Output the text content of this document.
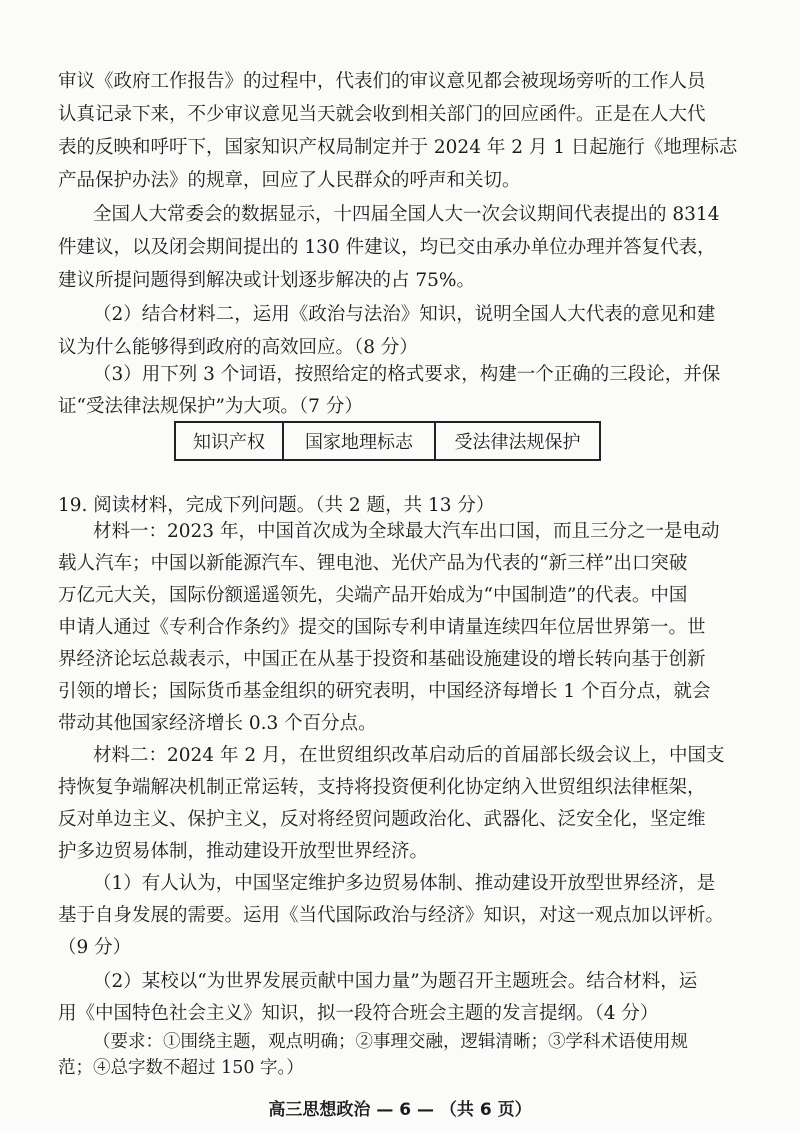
审议《政府工作报告》的过程中，代表们的审议意见都会被现场旁听的工作人员
认真记录下来，不少审议意见当天就会收到相关部门的回应函件。正是在人大代
表的反映和呼吁下，国家知识产权局制定并于 2024 年 2 月 1 日起施行《地理标志
产品保护办法》的规章，回应了人民群众的呼声和关切。
全国人大常委会的数据显示，十四届全国人大一次会议期间代表提出的 8314
件建议，以及闭会期间提出的 130 件建议，均已交由承办单位办理并答复代表，
建议所提问题得到解决或计划逐步解决的占 75%。
（2）结合材料二，运用《政治与法治》知识，说明全国人大代表的意见和建
议为什么能够得到政府的高效回应。（8 分）
（3）用下列 3 个词语，按照给定的格式要求，构建一个正确的三段论，并保
证“受法律法规保护”为大项。（7 分）
知识产权	国家地理标志	受法律法规保护
19. 阅读材料，完成下列问题。（共 2 题，共 13 分）
材料一：2023 年，中国首次成为全球最大汽车出口国，而且三分之一是电动
载人汽车；中国以新能源汽车、锂电池、光伏产品为代表的“新三样”出口突破
万亿元大关，国际份额遥遥领先，尖端产品开始成为“中国制造”的代表。中国
申请人通过《专利合作条约》提交的国际专利申请量连续四年位居世界第一。世
界经济论坛总裁表示，中国正在从基于投资和基础设施建设的增长转向基于创新
引领的增长；国际货币基金组织的研究表明，中国经济每增长 1 个百分点，就会
带动其他国家经济增长 0.3 个百分点。
材料二：2024 年 2 月，在世贸组织改革启动后的首届部长级会议上，中国支
持恢复争端解决机制正常运转，支持将投资便利化协定纳入世贸组织法律框架，
反对单边主义、保护主义，反对将经贸问题政治化、武器化、泛安全化，坚定维
护多边贸易体制，推动建设开放型世界经济。
（1）有人认为，中国坚定维护多边贸易体制、推动建设开放型世界经济，是
基于自身发展的需要。运用《当代国际政治与经济》知识，对这一观点加以评析。
（9 分）
（2）某校以“为世界发展贡献中国力量”为题召开主题班会。结合材料，运
用《中国特色社会主义》知识，拟一段符合班会主题的发言提纲。（4 分）
高三思想政治 — 6 — （共 6 页）
（要求：①围绕主题，观点明确；②事理交融，逻辑清晰；③学科术语使用规
范；④总字数不超过 150 字。）
